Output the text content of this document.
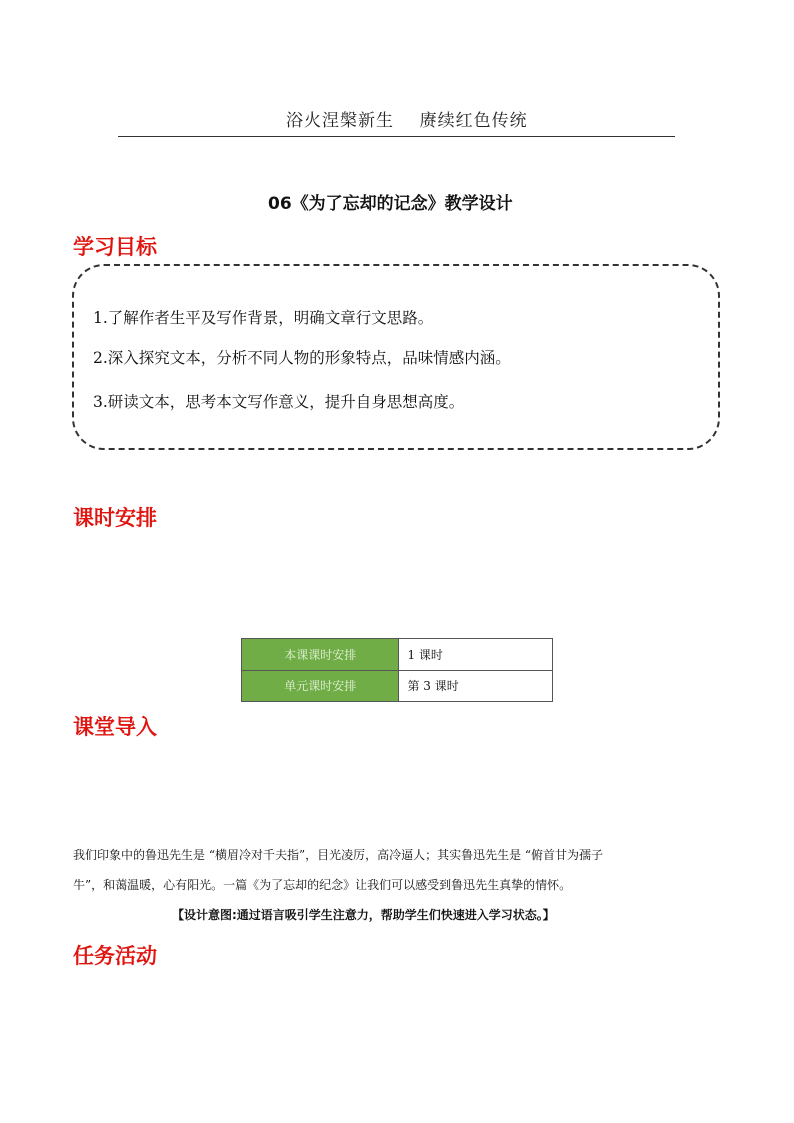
浴火涅槃新生 赓续红色传统
06《为了忘却的记念》教学设计
学习目标
1.了解作者生平及写作背景，明确文章行文思路。
2.深入探究文本，分析不同人物的形象特点，品味情感内涵。
3.研读文本，思考本文写作意义，提升自身思想高度。
课时安排
本课课时安排	1 课时
单元课时安排	第 3 课时
课堂导入
我们印象中的鲁迅先生是 “横眉冷对千夫指”，目光凌厉，高冷逼人；其实鲁迅先生是 “俯首甘为孺子
牛”，和蔼温暖，心有阳光。一篇《为了忘却的纪念》让我们可以感受到鲁迅先生真挚的情怀。
【设计意图:通过语言吸引学生注意力，帮助学生们快速进入学习状态。】
任务活动
